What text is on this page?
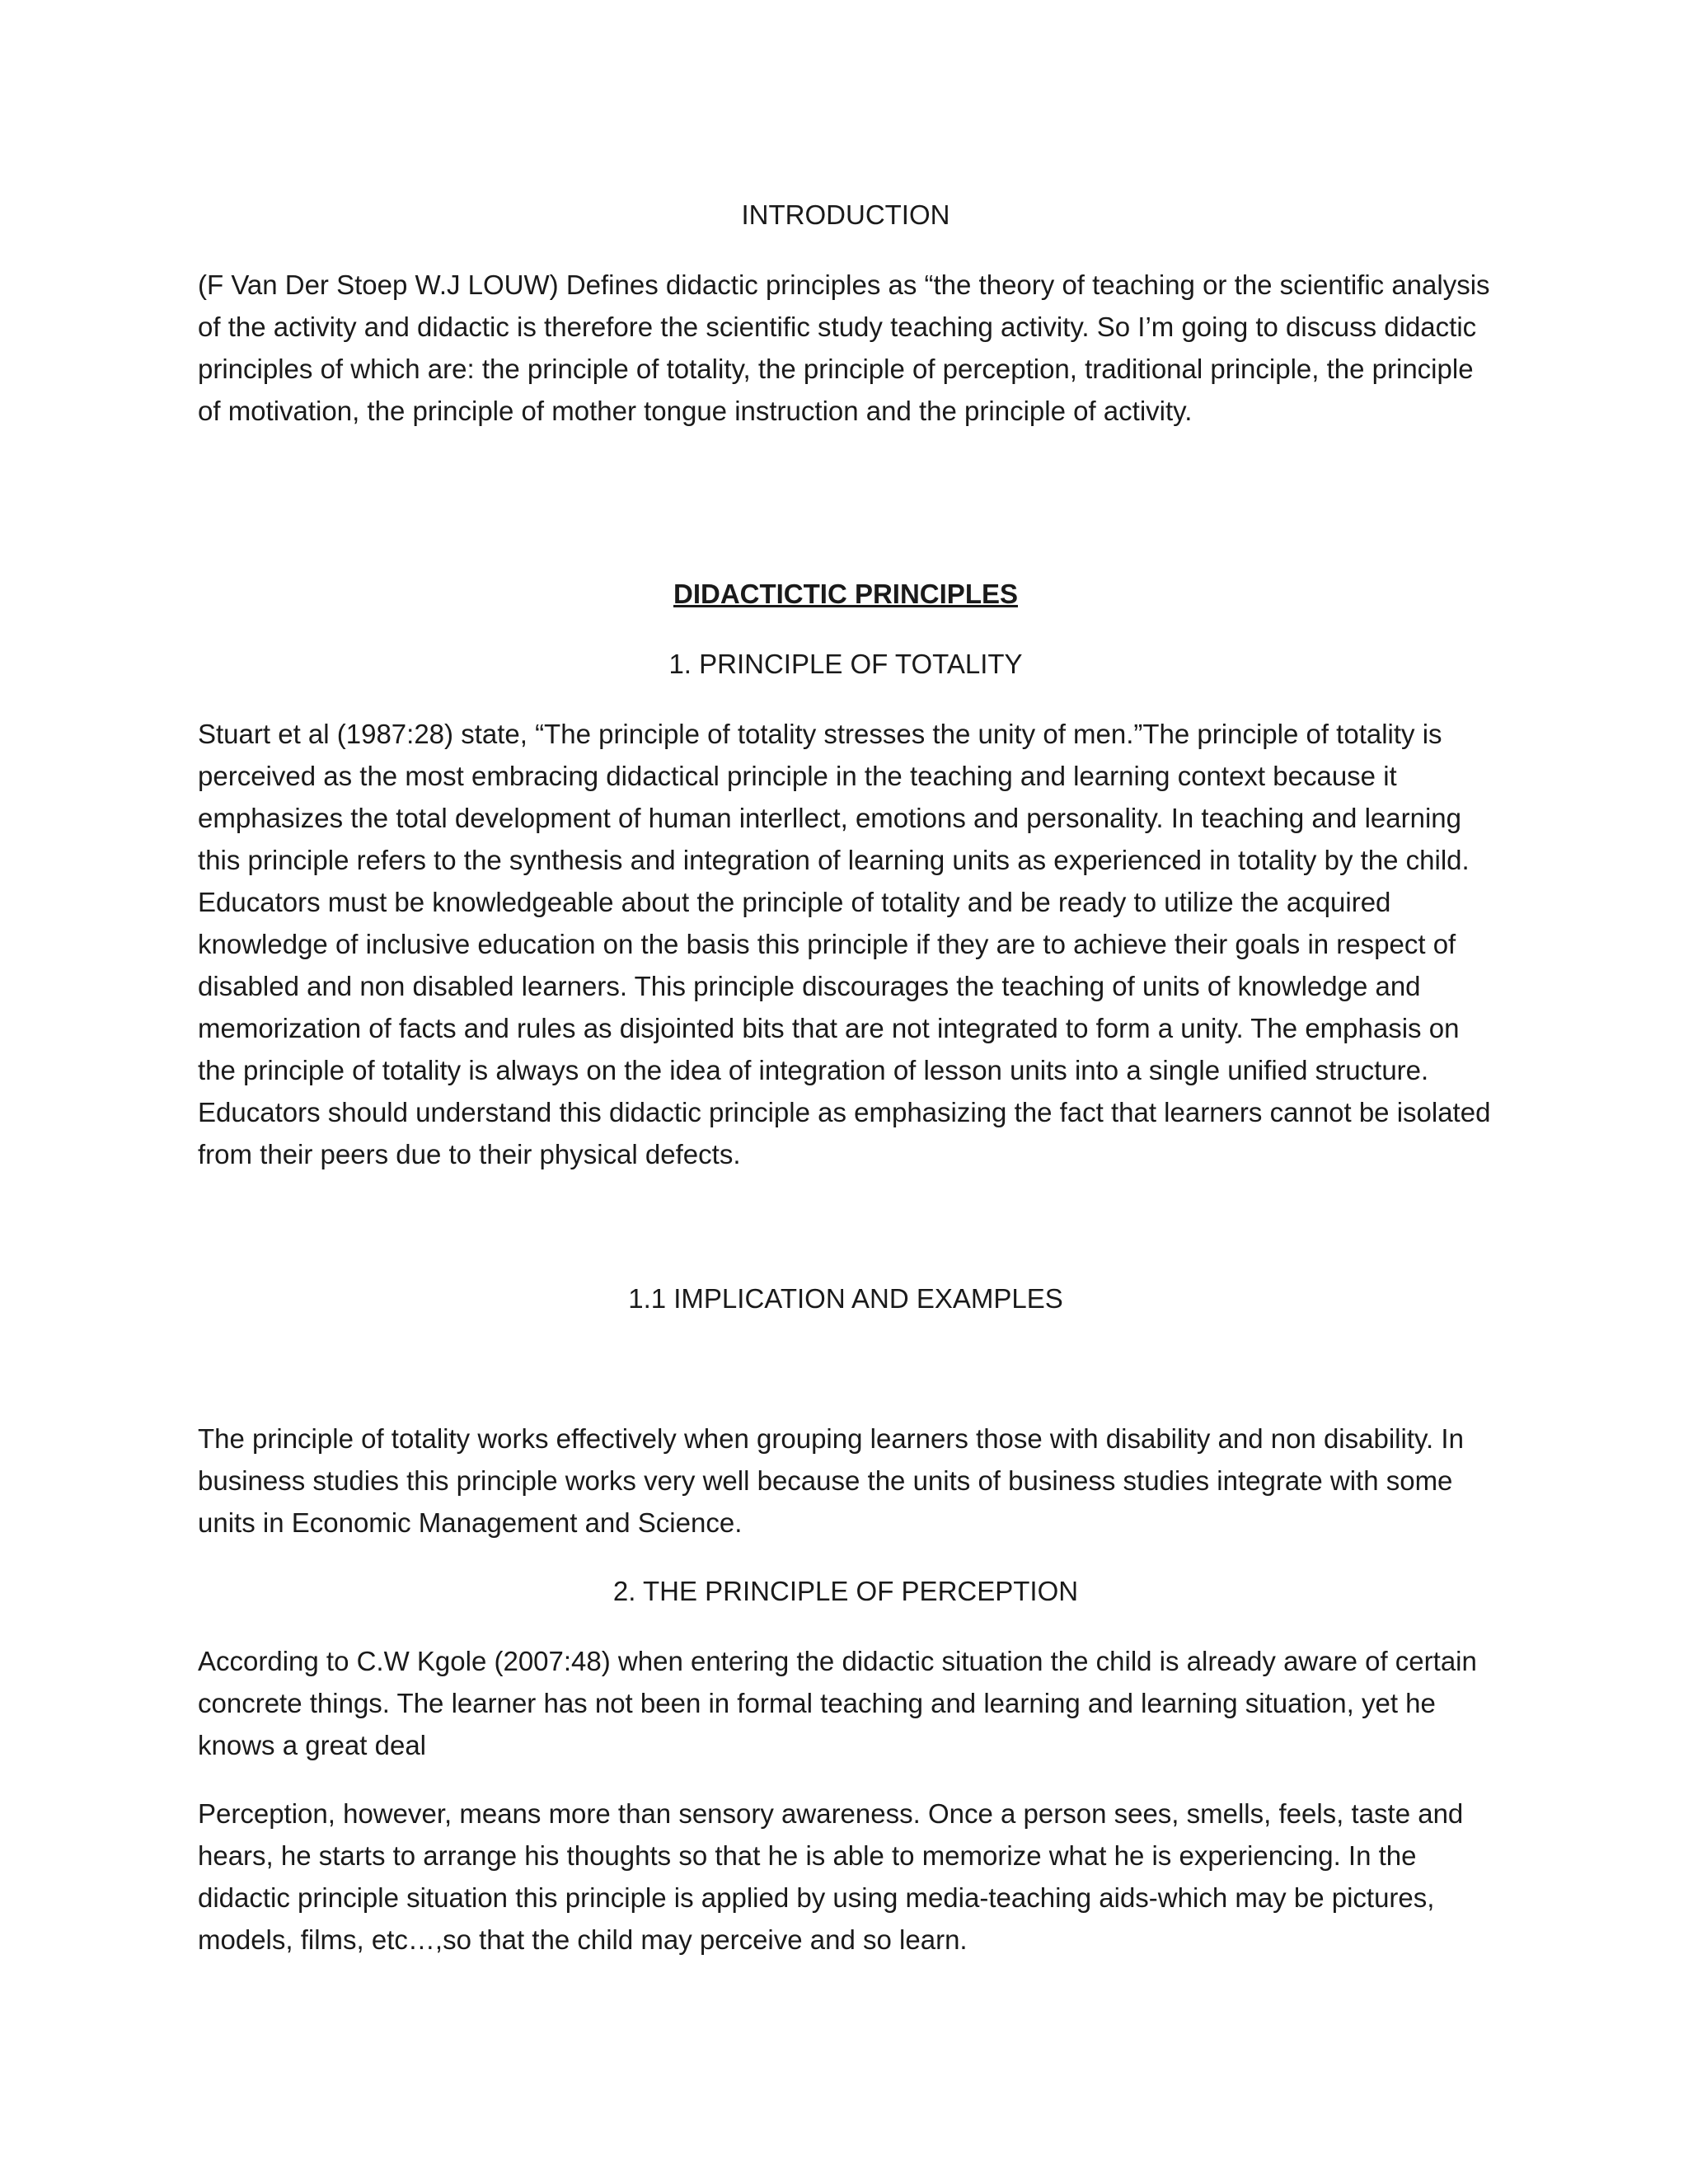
INTRODUCTION

(F Van Der Stoep W.J LOUW) Defines didactic principles as “the theory of teaching or the scientific analysis of the activity and didactic is therefore the scientific study teaching activity. So I’m going to discuss didactic principles of which are: the principle of totality, the principle of perception, traditional principle, the principle of motivation, the principle of mother tongue instruction and the principle of activity.

DIDACTICTIC PRINCIPLES
1. PRINCIPLE OF TOTALITY

Stuart et al (1987:28) state, “The principle of totality stresses the unity of men.”The principle of totality is perceived as the most embracing didactical principle in the teaching and learning context because it emphasizes the total development of human interllect, emotions and personality. In teaching and learning this principle refers to the synthesis and integration of learning units as experienced in totality by the child. Educators must be knowledgeable about the principle of totality and be ready to utilize the acquired knowledge of inclusive education on the basis this principle if they are to achieve their goals in respect of disabled and non disabled learners. This principle discourages the teaching of units of knowledge and memorization of facts and rules as disjointed bits that are not integrated to form a unity. The emphasis on the principle of totality is always on the idea of integration of lesson units into a single unified structure. Educators should understand this didactic principle as emphasizing the fact that learners cannot be isolated from their peers due to their physical defects.

1.1 IMPLICATION AND EXAMPLES

The principle of totality works effectively when grouping learners those with disability and non disability. In business studies this principle works very well because the units of business studies integrate with some units in Economic Management and Science.

2. THE PRINCIPLE OF PERCEPTION

According to C.W Kgole (2007:48) when entering the didactic situation the child is already aware of certain concrete things. The learner has not been in formal teaching and learning and learning situation, yet he knows a great deal

Perception, however, means more than sensory awareness. Once a person sees, smells, feels, taste and hears, he starts to arrange his thoughts so that he is able to memorize what he is experiencing. In the didactic principle situation this principle is applied by using media-teaching aids-which may be pictures, models, films, etc…,so that the child may perceive and so learn.
